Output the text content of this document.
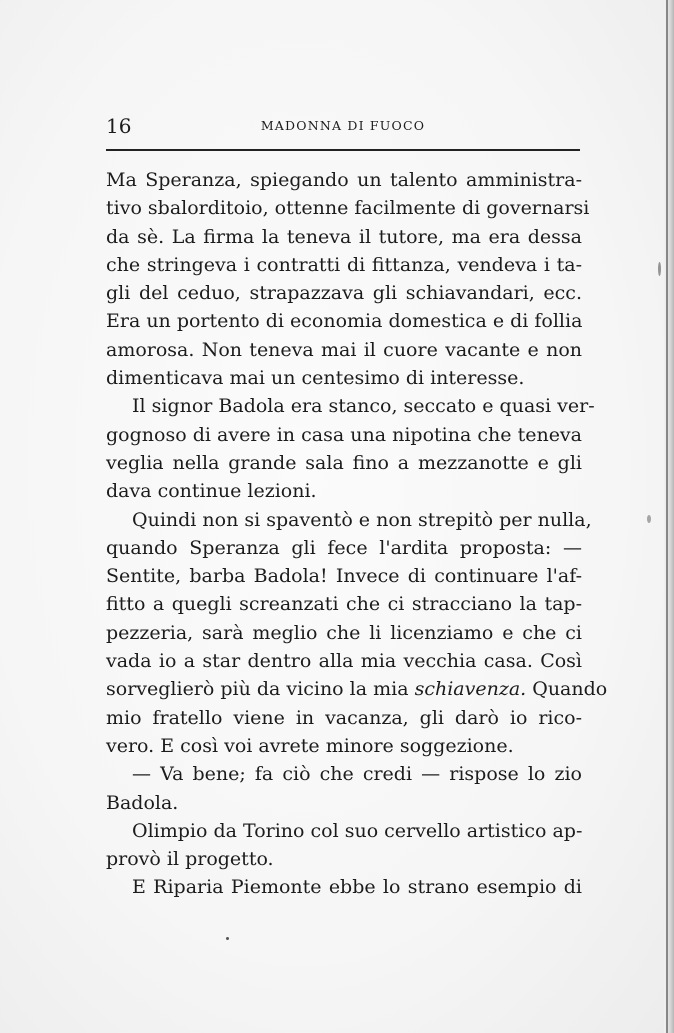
16	MADONNA DI FUOCO
Ma Speranza, spiegando un talento amministra-
tivo sbalorditoio, ottenne facilmente di governarsi
da sè. La firma la teneva il tutore, ma era dessa
che stringeva i contratti di fittanza, vendeva i ta-
gli del ceduo, strapazzava gli schiavandari, ecc.
Era un portento di economia domestica e di follia
amorosa. Non teneva mai il cuore vacante e non
dimenticava mai un centesimo di interesse.
Il signor Badola era stanco, seccato e quasi ver-
gognoso di avere in casa una nipotina che teneva
veglia nella grande sala fino a mezzanotte e gli
dava continue lezioni.
Quindi non si spaventò e non strepitò per nulla,
quando Speranza gli fece l'ardita proposta: —
Sentite, barba Badola! Invece di continuare l'af-
fitto a quegli screanzati che ci stracciano la tap-
pezzeria, sarà meglio che li licenziamo e che ci
vada io a star dentro alla mia vecchia casa. Così
sorveglierò più da vicino la mia schiavenza. Quando
mio fratello viene in vacanza, gli darò io rico-
vero. E così voi avrete minore soggezione.
— Va bene; fa ciò che credi — rispose lo zio
Badola.
Olimpio da Torino col suo cervello artistico ap-
provò il progetto.
E Riparia Piemonte ebbe lo strano esempio di
